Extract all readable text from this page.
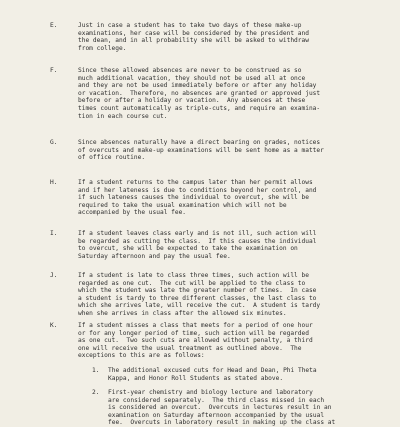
E.	Just in case a student has to take two days of these make-up
examinations, her case will be considered by the president and
the dean, and in all probability she will be asked to withdraw
from college.
F.	Since these allowed absences are never to be construed as so
much additional vacation, they should not be used all at once
and they are not be used immediately before or after any holiday
or vacation.  Therefore, no absences are granted or approved just
before or after a holiday or vacation.  Any absences at these
times count automatically as triple-cuts, and require an examina-
tion in each course cut.
G.	Since absences naturally have a direct bearing on grades, notices
of overcuts and make-up examinations will be sent home as a matter
of office routine.
H.	If a student returns to the campus later than her permit allows
and if her lateness is due to conditions beyond her control, and
if such lateness causes the individual to overcut, she will be
required to take the usual examination which will not be
accompanied by the usual fee.
I.	If a student leaves class early and is not ill, such action will
be regarded as cutting the class.  If this causes the individual
to overcut, she will be expected to take the examination on
Saturday afternoon and pay the usual fee.
J.	If a student is late to class three times, such action will be
regarded as one cut.  The cut will be applied to the class to
which the student was late the greater number of times.  In case
a student is tardy to three different classes, the last class to
which she arrives late, will receive the cut.  A student is tardy
when she arrives in class after the allowed six minutes.
K.	If a student misses a class that meets for a period of one hour
or for any longer period of time, such action will be regarded
as one cut.  Two such cuts are allowed without penalty, a third
one will receive the usual treatment as outlined above.  The
exceptions to this are as follows:
1.	The additional excused cuts for Head and Dean, Phi Theta
Kappa, and Honor Roll Students as stated above.
2.	First-year chemistry and biology lecture and laboratory
are considered separately.  The third class missed in each
is considered an overcut.  Overcuts in lectures result in an
examination on Saturday afternoon accompanied by the usual
fee.  Overcuts in laboratory result in making up the class at
